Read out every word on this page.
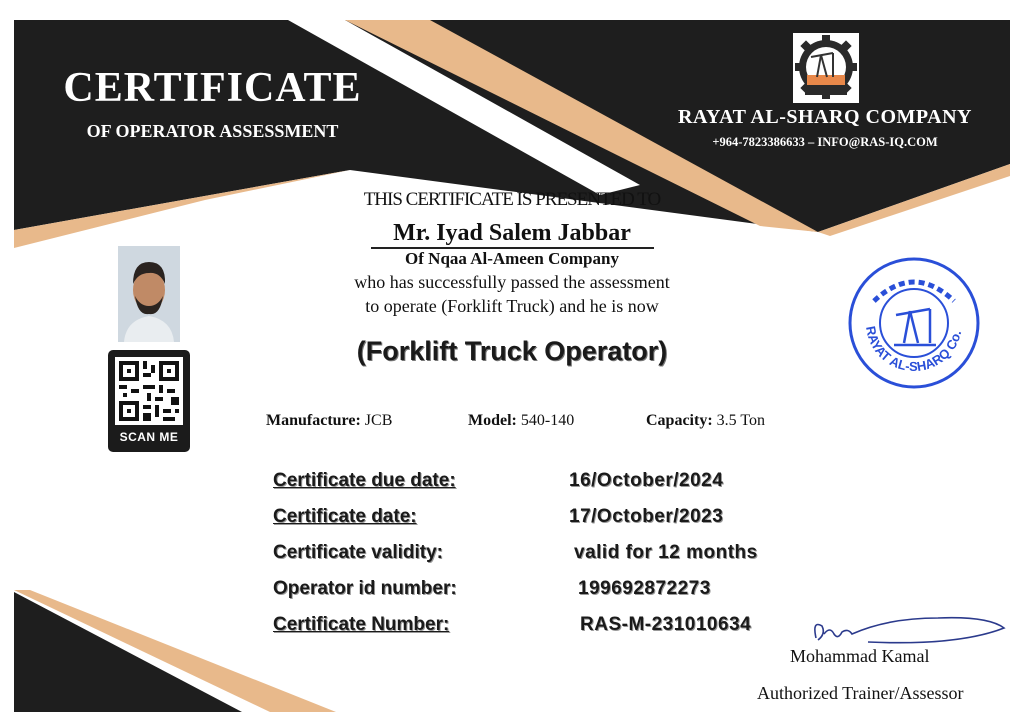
CERTIFICATE
OF OPERATOR ASSESSMENT
RAYAT AL-SHARQ COMPANY
+964-7823386633 – INFO@RAS-IQ.COM
THIS CERTIFICATE IS PRESENTED TO
Mr. Iyad Salem Jabbar
Of Nqaa Al-Ameen Company
who has successfully passed the assessment
to operate (Forklift Truck) and he is now
(Forklift Truck Operator)
SCAN ME
RAYAT AL-SHARQ Co.
Manufacture: JCB	Model: 540-140	Capacity: 3.5 Ton
Certificate due date:	16/October/2024
Certificate date:	17/October/2023
Certificate validity:	valid for 12 months
Operator id number:	199692872273
Certificate Number:	RAS-M-231010634
Mohammad Kamal
Authorized Trainer/Assessor
